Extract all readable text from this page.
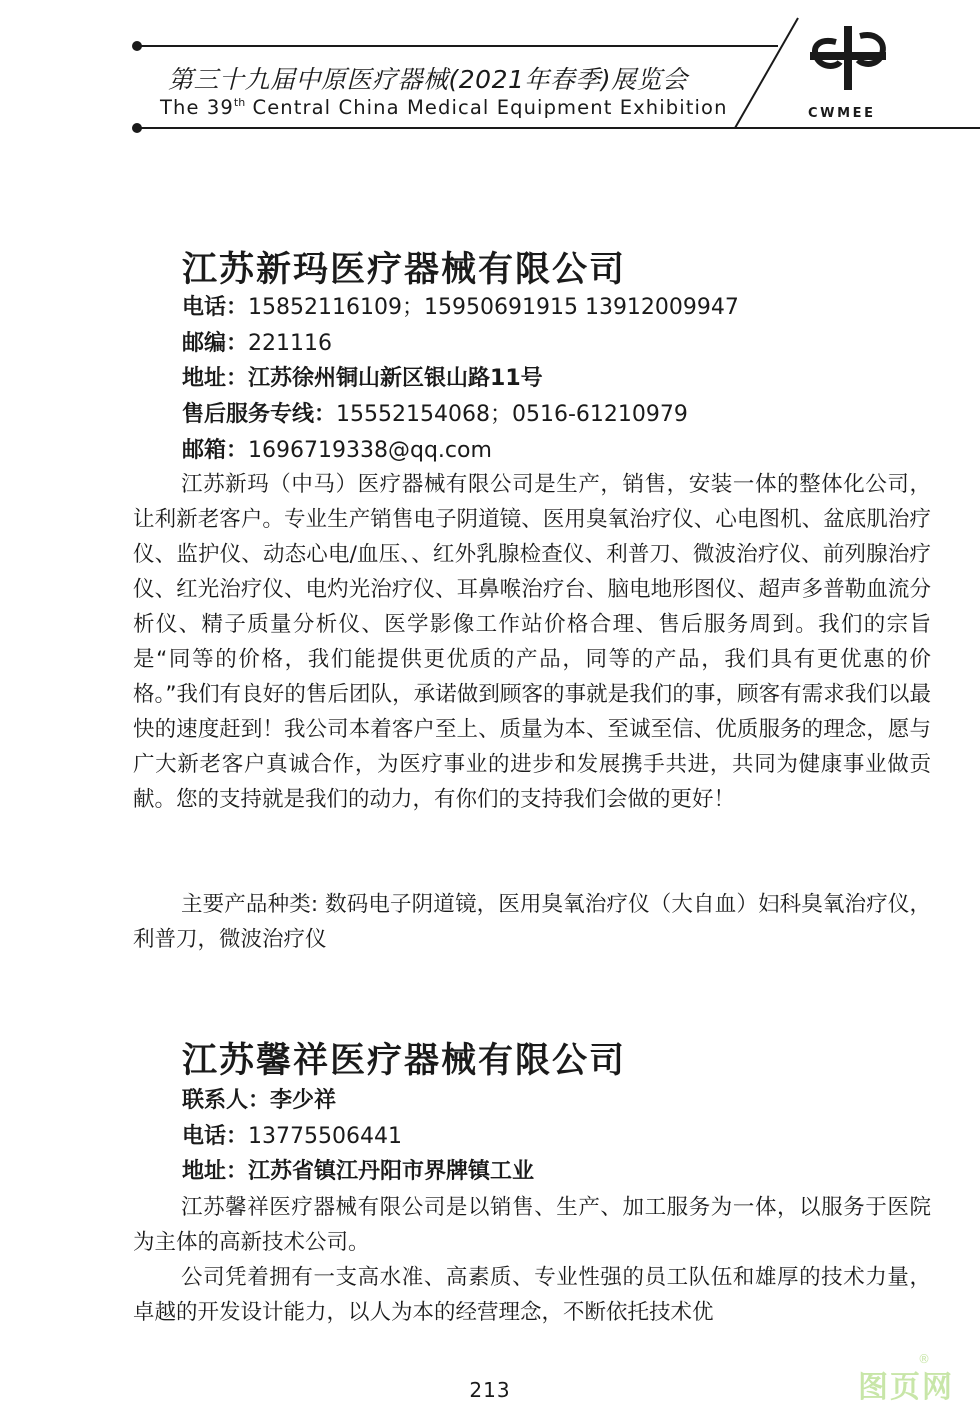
第三十九届中原医疗器械(2021年春季)展览会
The 39th Central China Medical Equipment Exhibition	CWMEE
江苏新玛医疗器械有限公司
电话：15852116109；15950691915 13912009947
邮编：221116
地址：江苏徐州铜山新区银山路11号
售后服务专线：15552154068；0516-61210979
邮箱：1696719338@qq.com

江苏新玛（中马）医疗器械有限公司是生产，销售，安装一体的整体化公司，让利新老客户。专业生产销售电子阴道镜、医用臭氧治疗仪、心电图机、盆底肌治疗仪、监护仪、动态心电/血压、、红外乳腺检查仪、利普刀、微波治疗仪、前列腺治疗仪、红光治疗仪、电灼光治疗仪、耳鼻喉治疗台、脑电地形图仪、超声多普勒血流分析仪、精子质量分析仪、医学影像工作站价格合理、售后服务周到。我们的宗旨是“同等的价格，我们能提供更优质的产品，同等的产品，我们具有更优惠的价格。”我们有良好的售后团队，承诺做到顾客的事就是我们的事，顾客有需求我们以最快的速度赶到！我公司本着客户至上、质量为本、至诚至信、优质服务的理念，愿与广大新老客户真诚合作，为医疗事业的进步和发展携手共进，共同为健康事业做贡献。您的支持就是我们的动力，有你们的支持我们会做的更好！

主要产品种类: 数码电子阴道镜，医用臭氧治疗仪（大自血）妇科臭氧治疗仪，利普刀，微波治疗仪

江苏馨祥医疗器械有限公司
联系人：李少祥
电话：13775506441
地址：江苏省镇江丹阳市界牌镇工业

江苏馨祥医疗器械有限公司是以销售、生产、加工服务为一体，以服务于医院为主体的高新技术公司。

公司凭着拥有一支高水准、高素质、专业性强的员工队伍和雄厚的技术力量，卓越的开发设计能力，以人为本的经营理念，不断依托技术优

213	图页网
®
